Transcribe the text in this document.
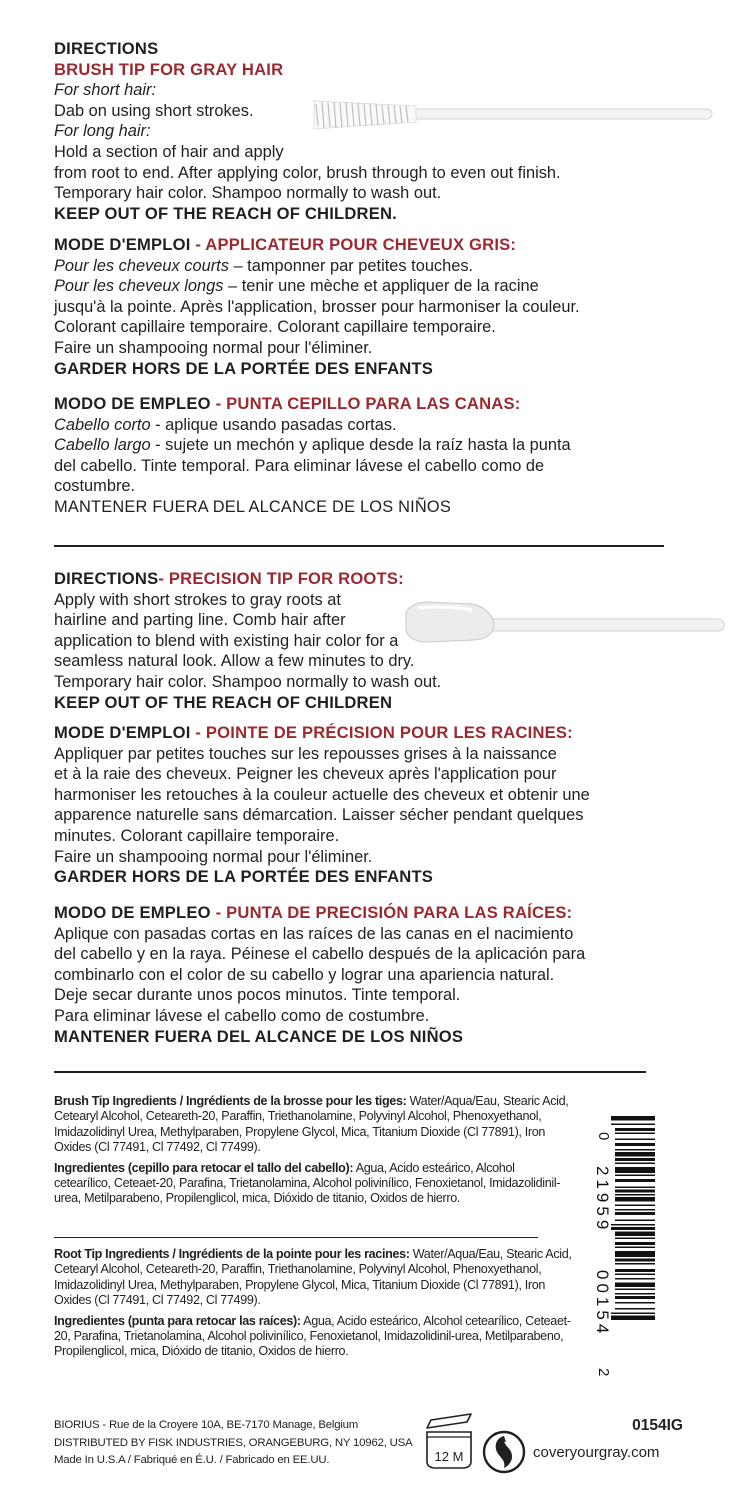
DIRECTIONS
BRUSH TIP FOR GRAY HAIR
For short hair:
Dab on using short strokes.
For long hair:
Hold a section of hair and apply
from root to end. After applying color, brush through to even out finish.
Temporary hair color. Shampoo normally to wash out.
KEEP OUT OF THE REACH OF CHILDREN.
MODE D'EMPLOI - APPLICATEUR POUR CHEVEUX GRIS:
Pour les cheveux courts – tamponner par petites touches.
Pour les cheveux longs – tenir une mèche et appliquer de la racine
jusqu'à la pointe. Après l'application, brosser pour harmoniser la couleur.
Colorant capillaire temporaire. Colorant capillaire temporaire.
Faire un shampooing normal pour l'éliminer.
GARDER HORS DE LA PORTÉE DES ENFANTS
MODO DE EMPLEO - PUNTA CEPILLO PARA LAS CANAS:
Cabello corto - aplique usando pasadas cortas.
Cabello largo - sujete un mechón y aplique desde la raíz hasta la punta
del cabello. Tinte temporal. Para eliminar lávese el cabello como de
costumbre.
MANTENER FUERA DEL ALCANCE DE LOS NIÑOS
DIRECTIONS- PRECISION TIP FOR ROOTS:
Apply with short strokes to gray roots at
hairline and parting line. Comb hair after
application to blend with existing hair color for a
seamless natural look. Allow a few minutes to dry.
Temporary hair color. Shampoo normally to wash out.
KEEP OUT OF THE REACH OF CHILDREN
MODE D'EMPLOI - POINTE DE PRÉCISION POUR LES RACINES:
Appliquer par petites touches sur les repousses grises à la naissance
et à la raie des cheveux. Peigner les cheveux après l'application pour
harmoniser les retouches à la couleur actuelle des cheveux et obtenir une
apparence naturelle sans démarcation. Laisser sécher pendant quelques
minutes. Colorant capillaire temporaire.
Faire un shampooing normal pour l'éliminer.
GARDER HORS DE LA PORTÉE DES ENFANTS
MODO DE EMPLEO - PUNTA DE PRECISIÓN PARA LAS RAÍCES:
Aplique con pasadas cortas en las raíces de las canas en el nacimiento
del cabello y en la raya. Péinese el cabello después de la aplicación para
combinarlo con el color de su cabello y lograr una apariencia natural.
Deje secar durante unos pocos minutos. Tinte temporal.
Para eliminar lávese el cabello como de costumbre.
MANTENER FUERA DEL ALCANCE DE LOS NIÑOS

Brush Tip Ingredients / Ingrédients de la brosse pour les tiges: Water/Aqua/Eau, Stearic Acid, Cetearyl Alcohol, Ceteareth-20, Paraffin, Triethanolamine, Polyvinyl Alcohol, Phenoxyethanol, Imidazolidinyl Urea, Methylparaben, Propylene Glycol, Mica, Titanium Dioxide (Cl 77891), Iron Oxides (Cl 77491, Cl 77492, Cl 77499).

Ingredientes (cepillo para retocar el tallo del cabello): Agua, Acido esteárico, Alcohol cetearílico, Ceteaet-20, Parafina, Trietanolamina, Alcohol polivinílico, Fenoxietanol, Imidazolidinil-urea, Metilparabeno, Propilenglicol, mica, Dióxido de titanio, Oxidos de hierro.

Root Tip Ingredients / Ingrédients de la pointe pour les racines: Water/Aqua/Eau, Stearic Acid, Cetearyl Alcohol, Ceteareth-20, Paraffin, Triethanolamine, Polyvinyl Alcohol, Phenoxyethanol, Imidazolidinyl Urea, Methylparaben, Propylene Glycol, Mica, Titanium Dioxide (Cl 77891), Iron Oxides (Cl 77491, Cl 77492, Cl 77499).

Ingredientes (punta para retocar las raíces): Agua, Acido esteárico, Alcohol cetearílico, Ceteaet-20, Parafina, Trietanolamina, Alcohol polivinílico, Fenoxietanol, Imidazolidinil-urea, Metilparabeno, Propilenglicol, mica, Dióxido de titanio, Oxidos de hierro.

0
21959
00154
2
BIORIUS - Rue de la Croyere 10A, BE-7170 Manage, Belgium
DISTRIBUTED BY FISK INDUSTRIES, ORANGEBURG, NY 10962, USA
Made In U.S.A / Fabriqué en É.U. / Fabricado en EE.UU.	12 M
0154IG
coveryourgray.com
